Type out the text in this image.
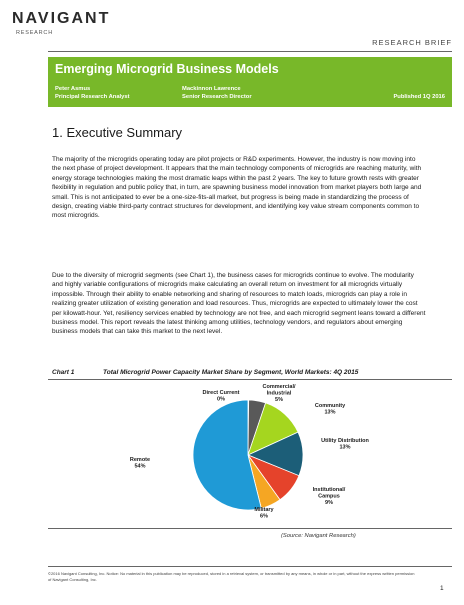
NAVIGANT
RESEARCH
RESEARCH BRIEF
Emerging Microgrid Business Models
Peter Asmus
Principal Research Analyst
Mackinnon Lawrence
Senior Research Director	Published 1Q 2016
1. Executive Summary
The majority of the microgrids operating today are pilot projects or R&D experiments. However, the industry is now moving into the next phase of project development. It appears that the main technology components of microgrids are reaching maturity, with energy storage technologies making the most dramatic leaps within the past 2 years. The key to future growth rests with greater flexibility in regulation and public policy that, in turn, are spawning business model innovation from market players both large and small. This is not anticipated to ever be a one-size-fits-all market, but progress is being made in standardizing the process of design, creating viable third-party contract structures for development, and identifying key value stream components common to most microgrids.
Due to the diversity of microgrid segments (see Chart 1), the business cases for microgrids continue to evolve. The modularity and highly variable configurations of microgrids make calculating an overall return on investment for all microgrids virtually impossible. Through their ability to enable networking and sharing of resources to match loads, microgrids can play a role in realizing greater utilization of existing generation and load resources. Thus, microgrids are expected to ultimately lower the cost per kilowatt-hour. Yet, resiliency services enabled by technology are not free, and each microgrid segment leans toward a different business model. This report reveals the latest thinking among utilities, technology vendors, and regulators about emerging business models that can take this market to the next level.
Chart 1	Total Microgrid Power Capacity Market Share by Segment, World Markets: 4Q 2015
Direct Current 0%
Commercial/ Industrial 5%
Community 13%
Utility Distribution 13%
Institutional/ Campus 9%
Military 6%
Remote 54%
(Source: Navigant Research)
©2016 Navigant Consulting, Inc. Notice: No material in this publication may be reproduced, stored in a retrieval system, or transmitted by any means, in whole or in part, without the express written permission of Navigant Consulting, Inc.
1
